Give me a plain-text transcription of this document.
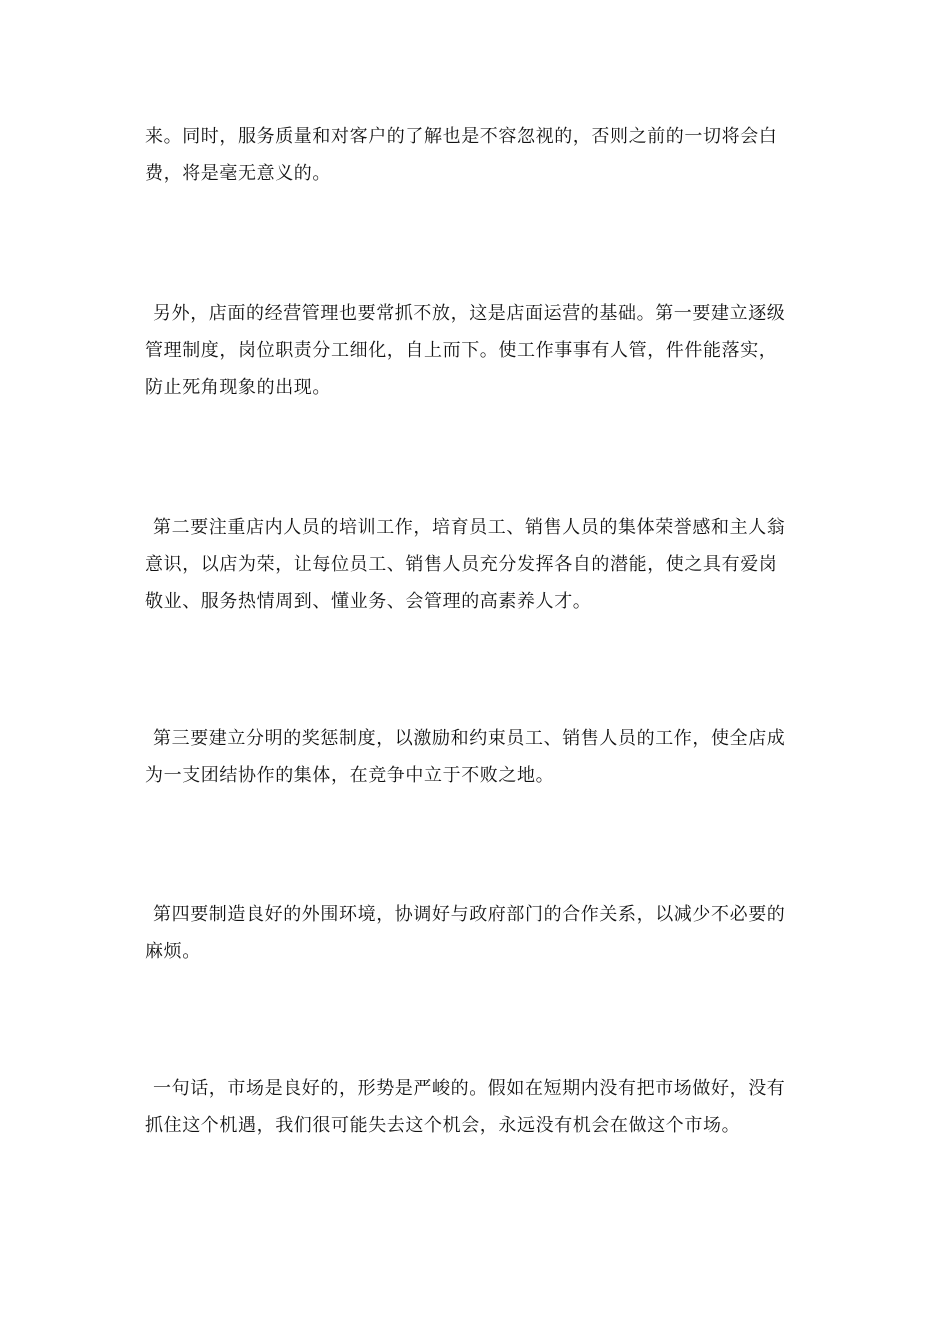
来。同时，服务质量和对客户的了解也是不容忽视的，否则之前的一切将会白
费，将是毫无意义的。

另外，店面的经营管理也要常抓不放，这是店面运营的基础。第一要建立逐级
管理制度，岗位职责分工细化，自上而下。使工作事事有人管，件件能落实，
防止死角现象的出现。

第二要注重店内人员的培训工作，培育员工、销售人员的集体荣誉感和主人翁
意识，以店为荣，让每位员工、销售人员充分发挥各自的潜能，使之具有爱岗
敬业、服务热情周到、懂业务、会管理的高素养人才。

第三要建立分明的奖惩制度，以激励和约束员工、销售人员的工作，使全店成
为一支团结协作的集体，在竞争中立于不败之地。

第四要制造良好的外围环境，协调好与政府部门的合作关系，以减少不必要的
麻烦。

一句话，市场是良好的，形势是严峻的。假如在短期内没有把市场做好，没有
抓住这个机遇，我们很可能失去这个机会，永远没有机会在做这个市场。
